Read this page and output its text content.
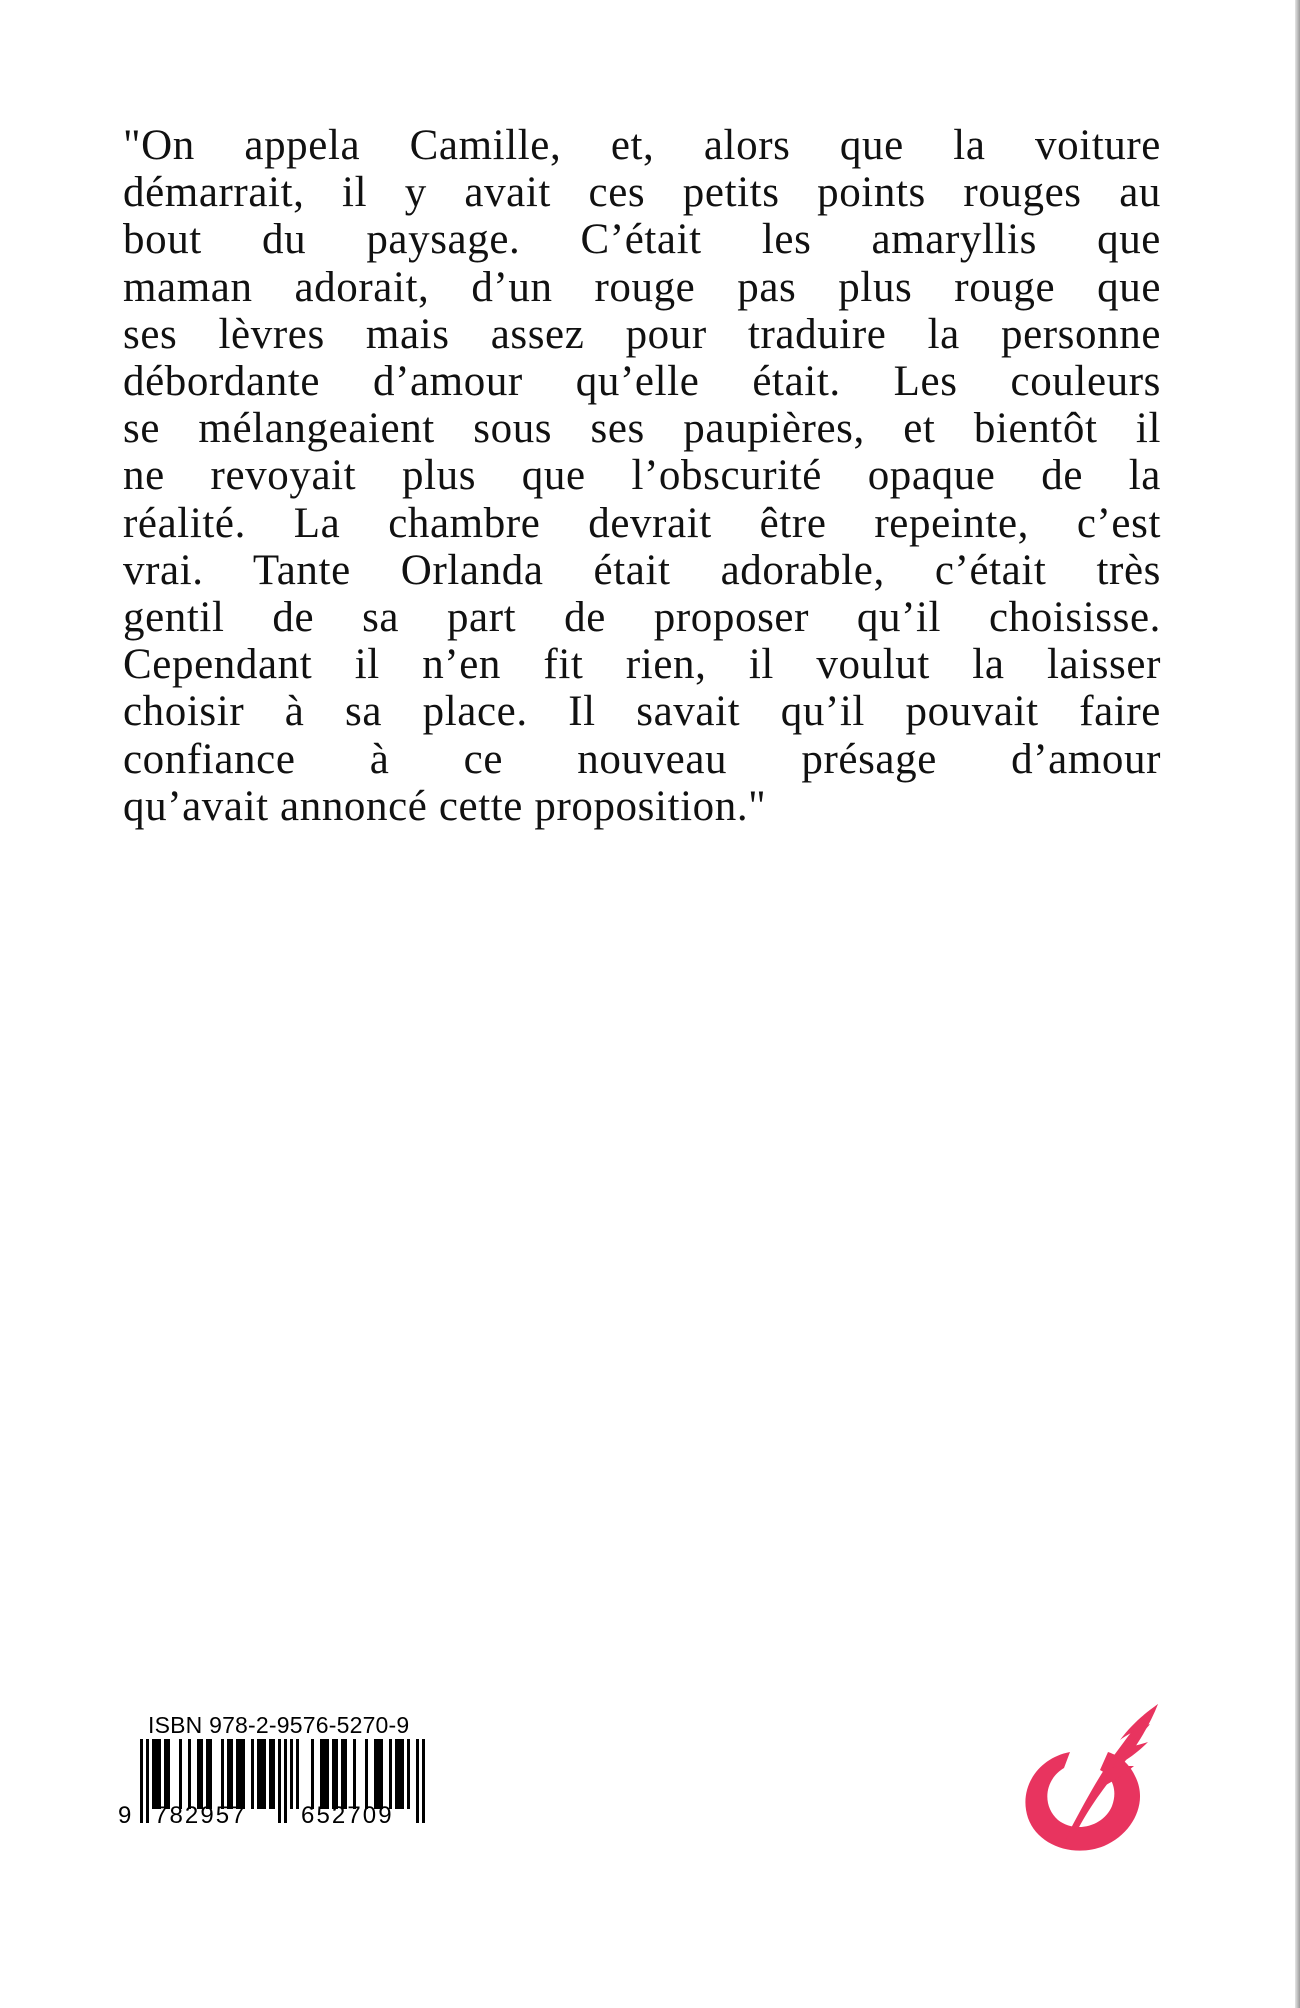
"On appela Camille, et, alors que la voiture
démarrait, il y avait ces petits points rouges au
bout du paysage. C’était les amaryllis que
maman adorait, d’un rouge pas plus rouge que
ses lèvres mais assez pour traduire la personne
débordante d’amour qu’elle était. Les couleurs
se mélangeaient sous ses paupières, et bientôt il
ne revoyait plus que l’obscurité opaque de la
réalité. La chambre devrait être repeinte, c’est
vrai. Tante Orlanda était adorable, c’était très
gentil de sa part de proposer qu’il choisisse.
Cependant il n’en fit rien, il voulut la laisser
choisir à sa place. Il savait qu’il pouvait faire
confiance à ce nouveau présage d’amour
qu’avait annoncé cette proposition."
ISBN 978-2-9576-5270-9
9 782957 652709
